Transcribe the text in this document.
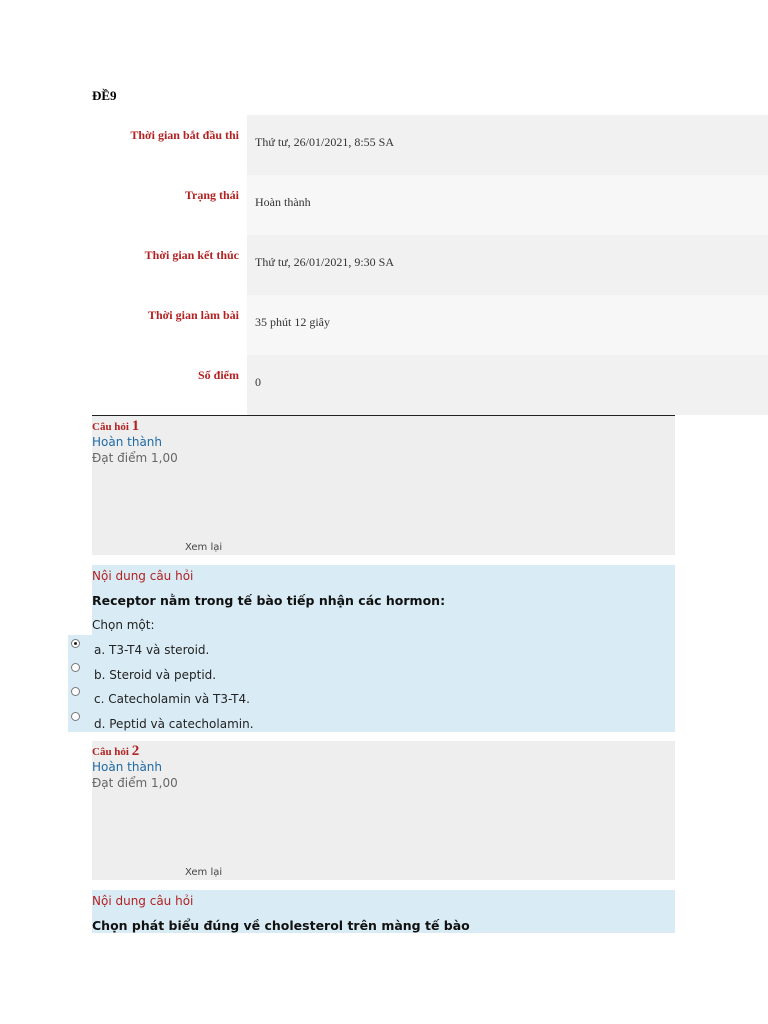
ĐỀ9
Thời gian bắt đầu thi	Thứ tư, 26/01/2021, 8:55 SA
Trạng thái	Hoàn thành
Thời gian kết thúc	Thứ tư, 26/01/2021, 9:30 SA
Thời gian làm bài	35 phút 12 giây
Số điểm	0
Câu hỏi 1
Hoàn thành
Đạt điểm 1,00
Xem lại
Nội dung câu hỏi
Receptor nằm trong tế bào tiếp nhận các hormon:
Chọn một:
a. T3-T4 và steroid.
b. Steroid và peptid.
c. Catecholamin và T3-T4.
d. Peptid và catecholamin.
Câu hỏi 2
Hoàn thành
Đạt điểm 1,00
Xem lại
Nội dung câu hỏi
Chọn phát biểu đúng về cholesterol trên màng tế bào
